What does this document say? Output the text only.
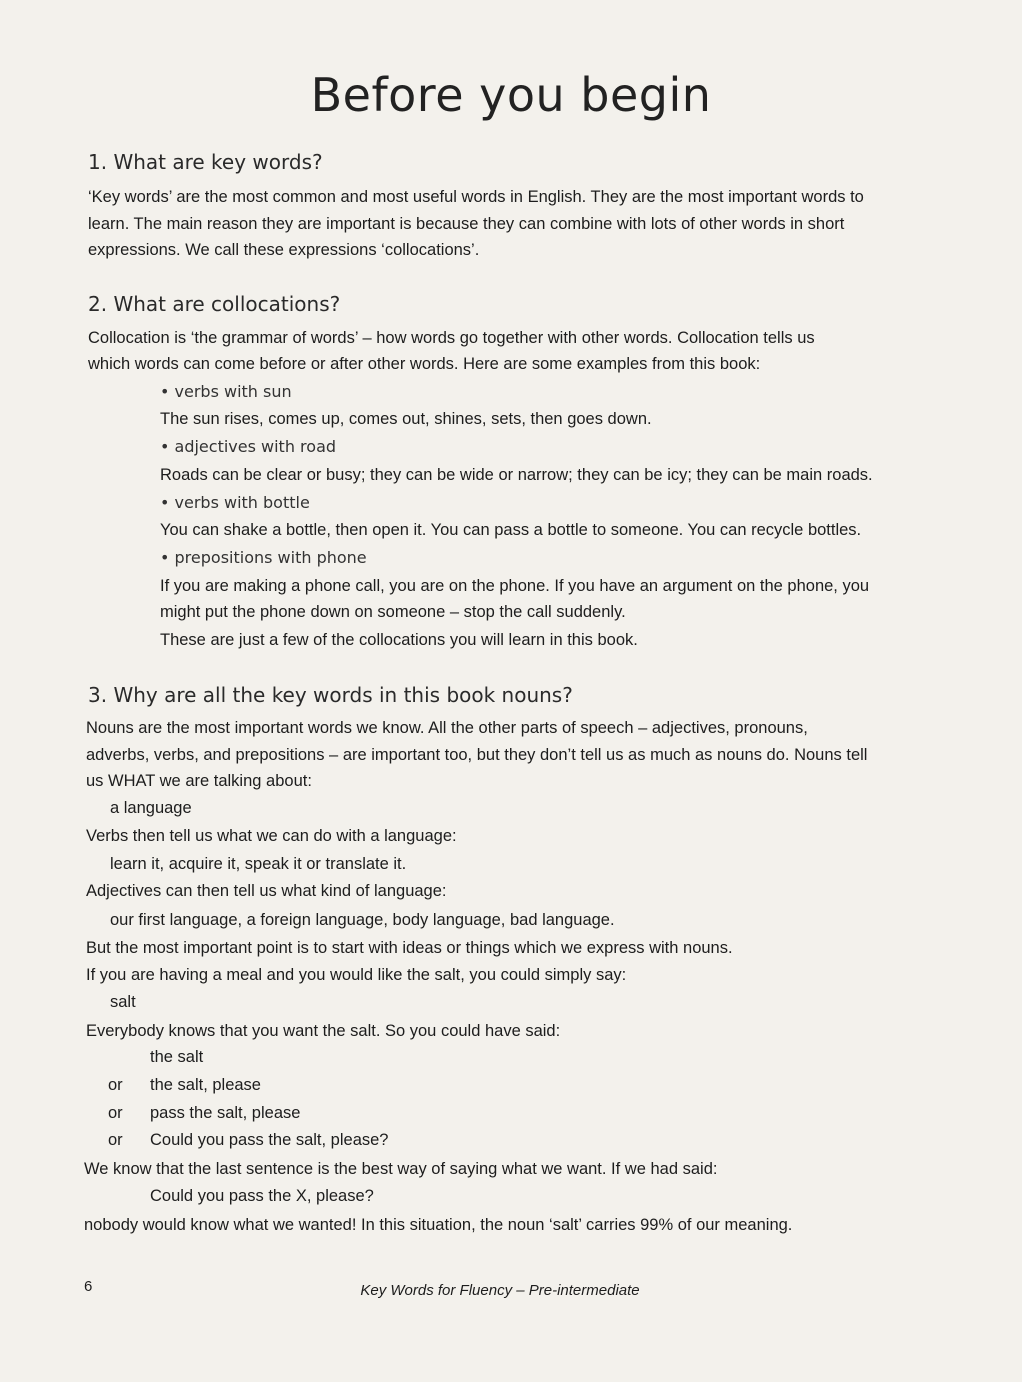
Before you begin
1. What are key words?

‘Key words’ are the most common and most useful words in English. They are the most important words to

learn. The main reason they are important is because they can combine with lots of other words in short

expressions. We call these expressions ‘collocations’.

2. What are collocations?

Collocation is ‘the grammar of words’ – how words go together with other words. Collocation tells us

which words can come before or after other words. Here are some examples from this book:

• verbs with sun

The sun rises, comes up, comes out, shines, sets, then goes down.

• adjectives with road

Roads can be clear or busy; they can be wide or narrow; they can be icy; they can be main roads.

• verbs with bottle

You can shake a bottle, then open it. You can pass a bottle to someone. You can recycle bottles.

• prepositions with phone

If you are making a phone call, you are on the phone. If you have an argument on the phone, you

might put the phone down on someone – stop the call suddenly.

These are just a few of the collocations you will learn in this book.

3. Why are all the key words in this book nouns?

Nouns are the most important words we know. All the other parts of speech – adjectives, pronouns,

adverbs, verbs, and prepositions – are important too, but they don’t tell us as much as nouns do. Nouns tell

us WHAT we are talking about:

a language

Verbs then tell us what we can do with a language:

learn it, acquire it, speak it or translate it.

Adjectives can then tell us what kind of language:

our first language, a foreign language, body language, bad language.

But the most important point is to start with ideas or things which we express with nouns.

If you are having a meal and you would like the salt, you could simply say:

salt

Everybody knows that you want the salt. So you could have said:

the salt

or the salt, please

or pass the salt, please

or Could you pass the salt, please?

We know that the last sentence is the best way of saying what we want. If we had said:

Could you pass the X, please?

nobody would know what we wanted! In this situation, the noun ‘salt’ carries 99% of our meaning.

6	Key Words for Fluency – Pre-intermediate
